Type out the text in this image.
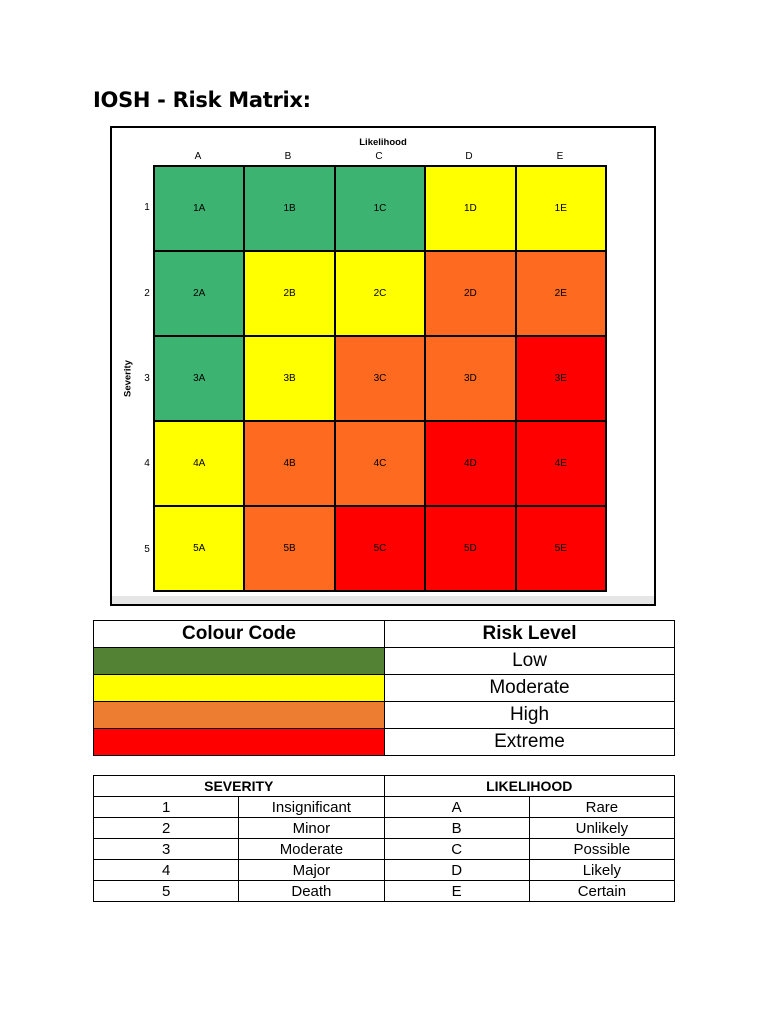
IOSH - Risk Matrix:
Likelihood
Severity
A	B	C	D	E
1
2
3
4
5
1A	1B	1C	1D	1E
2A	2B	2C	2D	2E
3A	3B	3C	3D	3E
4A	4B	4C	4D	4E
5A	5B	5C	5D	5E
Colour Code	Risk Level
	Low
	Moderate
	High
	Extreme
SEVERITY		LIKELIHOOD	
1	Insignificant	A	Rare
2	Minor	B	Unlikely
3	Moderate	C	Possible
4	Major	D	Likely
5	Death	E	Certain
